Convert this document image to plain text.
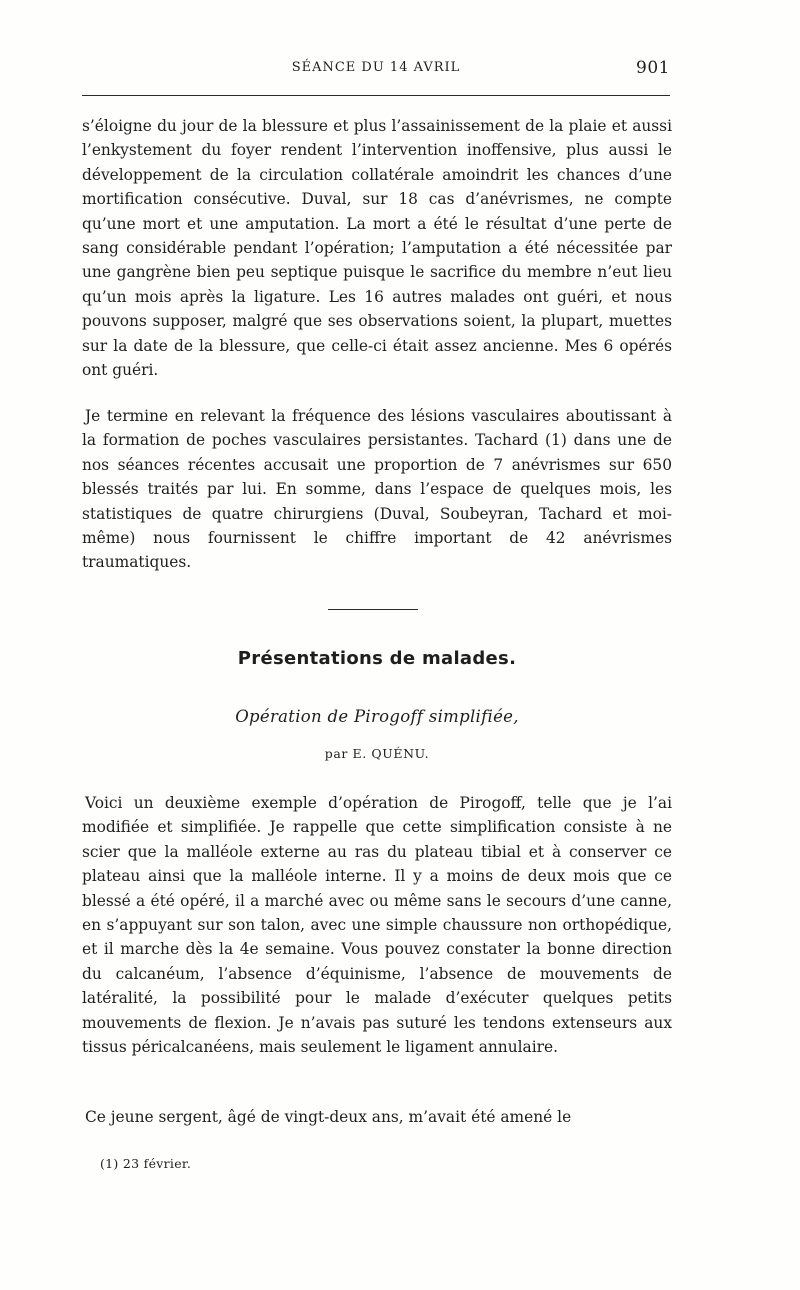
SÉANCE DU 14 AVRIL	901

s’éloigne du jour de la blessure et plus l’assainissement de la plaie et aussi l’enkystement du foyer rendent l’intervention inoffensive, plus aussi le développement de la circulation collatérale amoindrit les chances d’une mortification consécutive. Duval, sur 18 cas d’anévrismes, ne compte qu’une mort et une amputation. La mort a été le résultat d’une perte de sang considérable pendant l’opération; l’amputation a été nécessitée par une gangrène bien peu septique puisque le sacrifice du membre n’eut lieu qu’un mois après la ligature. Les 16 autres malades ont guéri, et nous pouvons supposer, malgré que ses observations soient, la plupart, muettes sur la date de la blessure, que celle-ci était assez ancienne. Mes 6 opérés ont guéri.

Je termine en relevant la fréquence des lésions vasculaires aboutissant à la formation de poches vasculaires persistantes. Tachard (1) dans une de nos séances récentes accusait une proportion de 7 anévrismes sur 650 blessés traités par lui. En somme, dans l’espace de quelques mois, les statistiques de quatre chirurgiens (Duval, Soubeyran, Tachard et moi-même) nous fournissent le chiffre important de 42 anévrismes traumatiques.

Présentations de malades.
Opération de Pirogoff simplifiée,
par E. QUÉNU.

Voici un deuxième exemple d’opération de Pirogoff, telle que je l’ai modifiée et simplifiée. Je rappelle que cette simplification consiste à ne scier que la malléole externe au ras du plateau tibial et à conserver ce plateau ainsi que la malléole interne. Il y a moins de deux mois que ce blessé a été opéré, il a marché avec ou même sans le secours d’une canne, en s’appuyant sur son talon, avec une simple chaussure non orthopédique, et il marche dès la 4e semaine. Vous pouvez constater la bonne direction du calcanéum, l’absence d’équinisme, l’absence de mouvements de latéralité, la possibilité pour le malade d’exécuter quelques petits mouvements de flexion. Je n’avais pas suturé les tendons extenseurs aux tissus péricalcanéens, mais seulement le ligament annulaire.

Ce jeune sergent, âgé de vingt-deux ans, m’avait été amené le

(1) 23 février.
